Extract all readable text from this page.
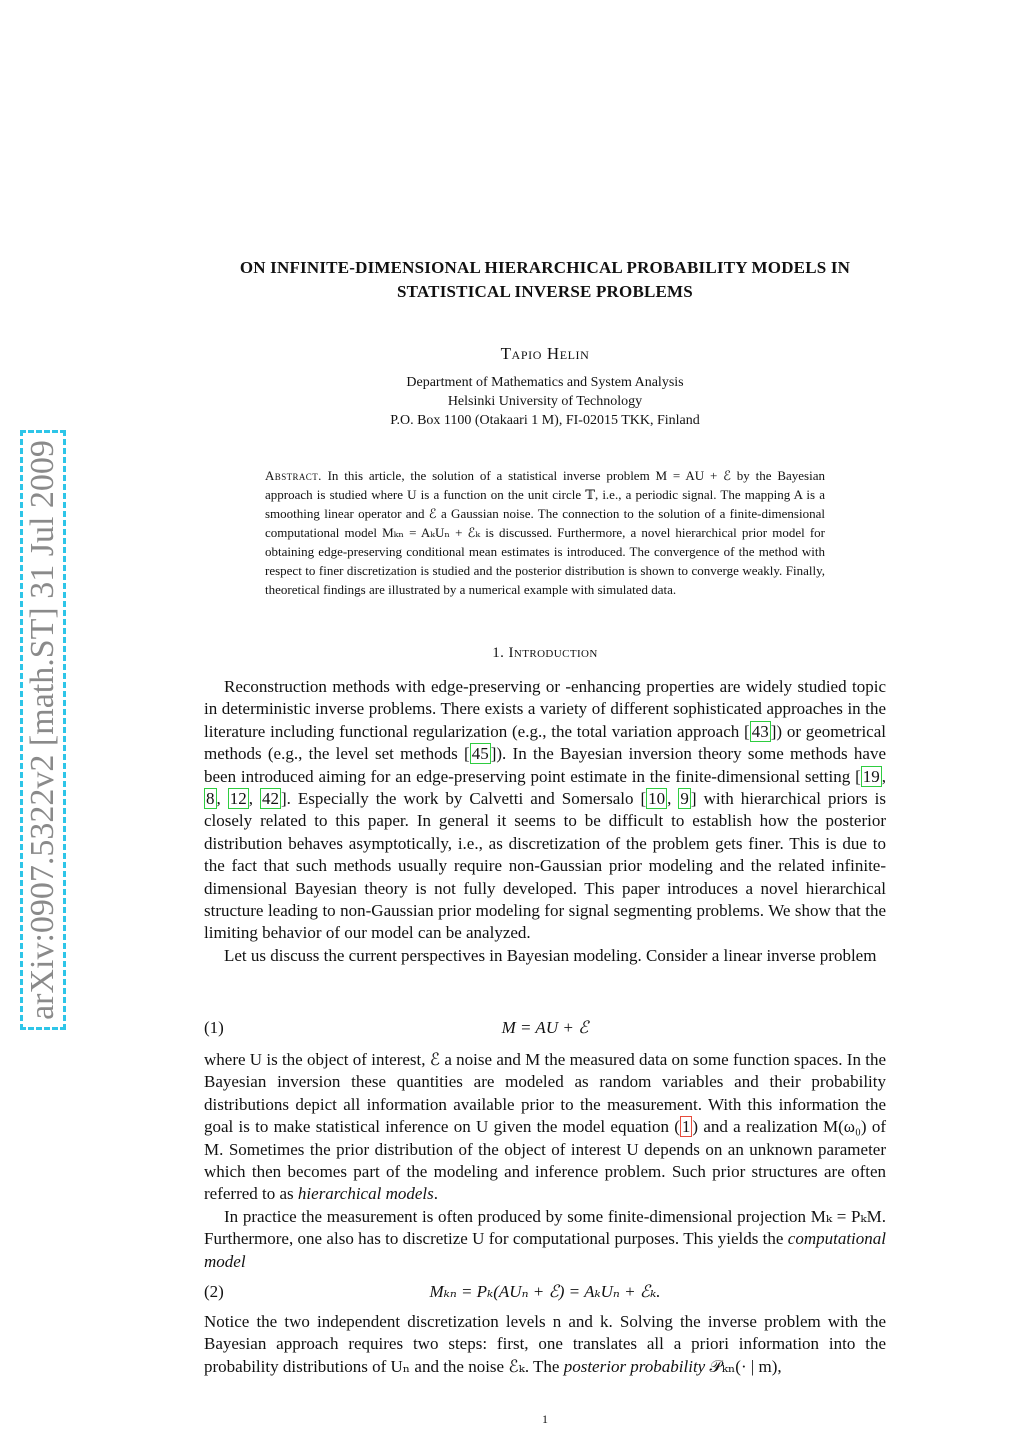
arXiv:0907.5322v2 [math.ST] 31 Jul 2009
ON INFINITE-DIMENSIONAL HIERARCHICAL PROBABILITY MODELS IN
STATISTICAL INVERSE PROBLEMS
Tapio Helin
Department of Mathematics and System Analysis
Helsinki University of Technology
P.O. Box 1100 (Otakaari 1 M), FI-02015 TKK, Finland
Abstract. In this article, the solution of a statistical inverse problem M = AU + ℰ by the Bayesian approach is studied where U is a function on the unit circle 𝕋, i.e., a periodic signal. The mapping A is a smoothing linear operator and ℰ a Gaussian noise. The connection to the solution of a finite-dimensional computational model Mₖₙ = AₖUₙ + ℰₖ is discussed. Furthermore, a novel hierarchical prior model for obtaining edge-preserving conditional mean estimates is introduced. The convergence of the method with respect to finer discretization is studied and the posterior distribution is shown to converge weakly. Finally, theoretical findings are illustrated by a numerical example with simulated data.
1. Introduction

Reconstruction methods with edge-preserving or -enhancing properties are widely studied topic in deterministic inverse problems. There exists a variety of different sophisticated approaches in the literature including functional regularization (e.g., the total variation approach [ 43 ]) or geometrical methods (e.g., the level set methods [ 45 ]). In the Bayesian inversion theory some methods have been introduced aiming for an edge-preserving point estimate in the finite-dimensional setting [ 19 , 8 , 12 , 42 ]. Especially the work by Calvetti and Somersalo [ 10 , 9 ] with hierarchical priors is closely related to this paper. In general it seems to be difficult to establish how the posterior distribution behaves asymptotically, i.e., as discretization of the problem gets finer. This is due to the fact that such methods usually require non-Gaussian prior modeling and the related infinite-dimensional Bayesian theory is not fully developed. This paper introduces a novel hierarchical structure leading to non-Gaussian prior modeling for signal segmenting problems. We show that the limiting behavior of our model can be analyzed.

Let us discuss the current perspectives in Bayesian modeling. Consider a linear inverse problem

(1)	M = AU + ℰ

where U is the object of interest, ℰ a noise and M the measured data on some function spaces. In the Bayesian inversion these quantities are modeled as random variables and their probability distributions depict all information available prior to the measurement. With this information the goal is to make statistical inference on U given the model equation ( 1 ) and a realization M(ω₀) of M. Sometimes the prior distribution of the object of interest U depends on an unknown parameter which then becomes part of the modeling and inference problem. Such prior structures are often referred to as hierarchical models.

In practice the measurement is often produced by some finite-dimensional projection Mₖ = PₖM. Furthermore, one also has to discretize U for computational purposes. This yields the computational model

(2)	Mₖₙ = Pₖ(AUₙ + ℰ) = AₖUₙ + ℰₖ.

Notice the two independent discretization levels n and k. Solving the inverse problem with the Bayesian approach requires two steps: first, one translates all a priori information into the probability distributions of Uₙ and the noise ℰₖ. The posterior probability 𝒫ₖₙ(· | m),

1
